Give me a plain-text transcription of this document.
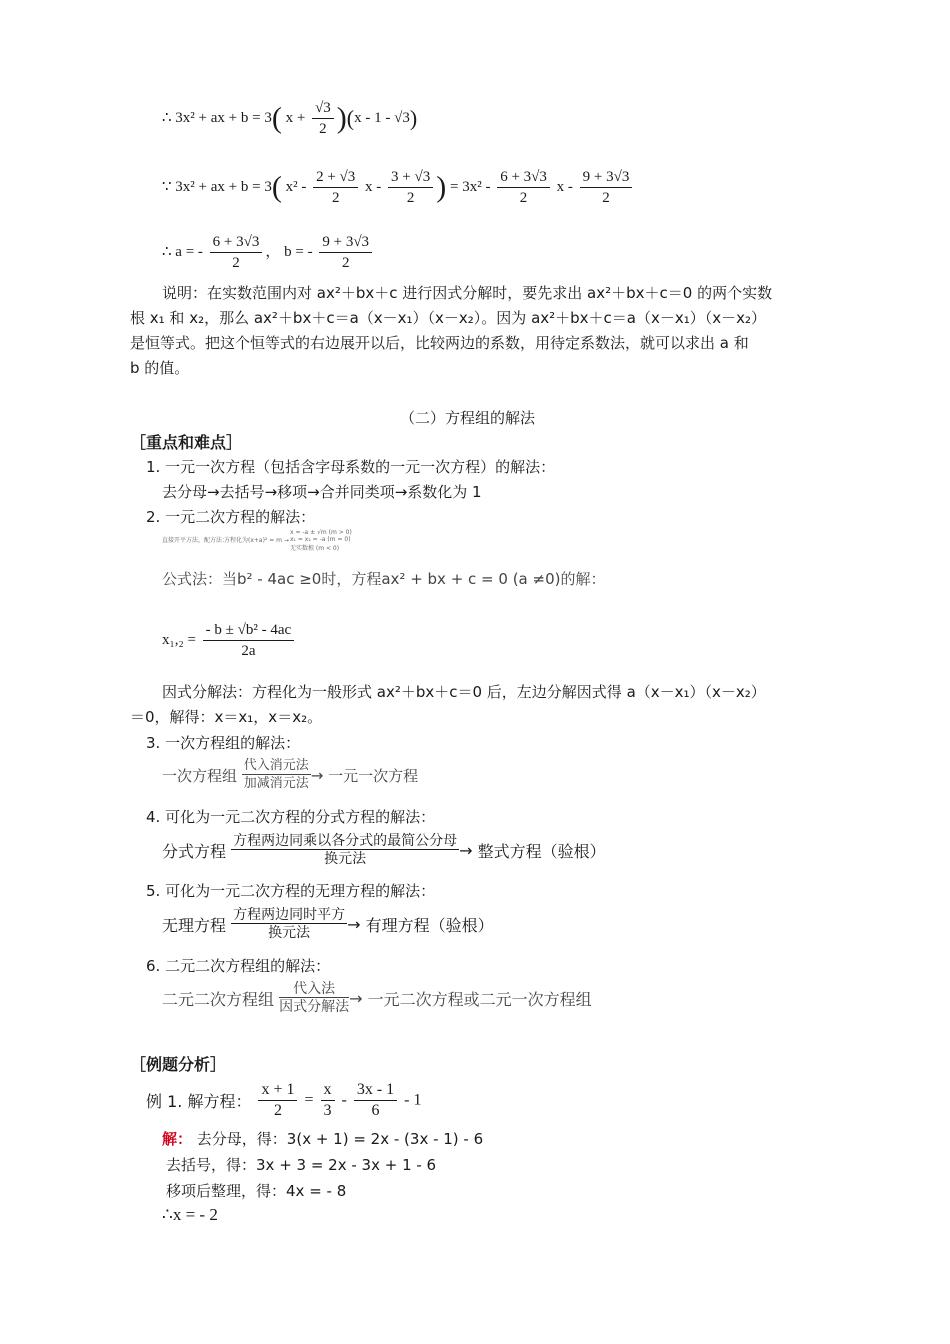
∴ 3x² + ax + b = 3( $x + \frac{√3}{2} )(x - 1 - √3)$
∵ 3x² + ax + b = 3( $x^2 - \frac{2 + √3}{2}$ x - $\frac{3 + √3}{2}$ ) = $3x^2 - \frac{6 + 3√3}{2}$ x - $\frac{9 + 3√3}{2}$
∴ a = - $\frac{6 + 3√3}{2}$ ， b = - $\frac{9 + 3√3}{2}$
说明：在实数范围内对 ax²＋bx＋c 进行因式分解时，要先求出 ax²＋bx＋c＝0 的两个实数
根 x₁ 和 x₂，那么 ax²＋bx＋c＝a（x－x₁）（x－x₂）。因为 ax²＋bx＋c＝a（x－x₁）（x－x₂）
是恒等式。把这个恒等式的右边展开以后，比较两边的系数，用待定系数法，就可以求出 a 和
b 的值。
（二）方程组的解法
［重点和难点］
1. 一元一次方程（包括含字母系数的一元一次方程）的解法：
去分母→去括号→移项→合并同类项→系数化为 1
2. 一元二次方程的解法：
直接开平方法，配方法：
方程化为(x+a)² = m →
x = -a ± √m (m > 0)
x₁ = x₂ = -a (m = 0)
无实数根 (m < 0)
公式法：当b² - 4ac ≥0时，方程ax² + bx + c = 0 (a ≠0)的解：
$x_1,_2 = \frac{\text{- b ± √b² - 4ac}}{2a}$
因式分解法：方程化为一般形式 ax²＋bx＋c＝0 后，左边分解因式得 a（x－x₁）（x－x₂）
＝0，解得：x＝x₁，x＝x₂。
3. 一次方程组的解法：
一次方程组
代入消元法
加减消元法 → 一元一次方程
4. 可化为一元二次方程的分式方程的解法：
分式方程
方程两边同乘以各分式的最简公分母
换元法	→ 整式方程（验根）
5. 可化为一元二次方程的无理方程的解法：
无理方程
方程两边同时平方
换元法	→ 有理方程（验根）
6. 二元二次方程组的解法：
二元二次方程组
代入法
因式分解法 → 一元二次方程或二元一次方程组
［例题分析］
例 1. 解方程： $\frac{x + 1}{2} = \frac{x}{3} - \frac{3x - 1}{6} - 1$
解： 去分母，得：3(x + 1) = 2x - (3x - 1) - 6
去括号，得：3x + 3 = 2x - 3x + 1 - 6
移项后整理，得：4x = - 8
∴x = - 2
